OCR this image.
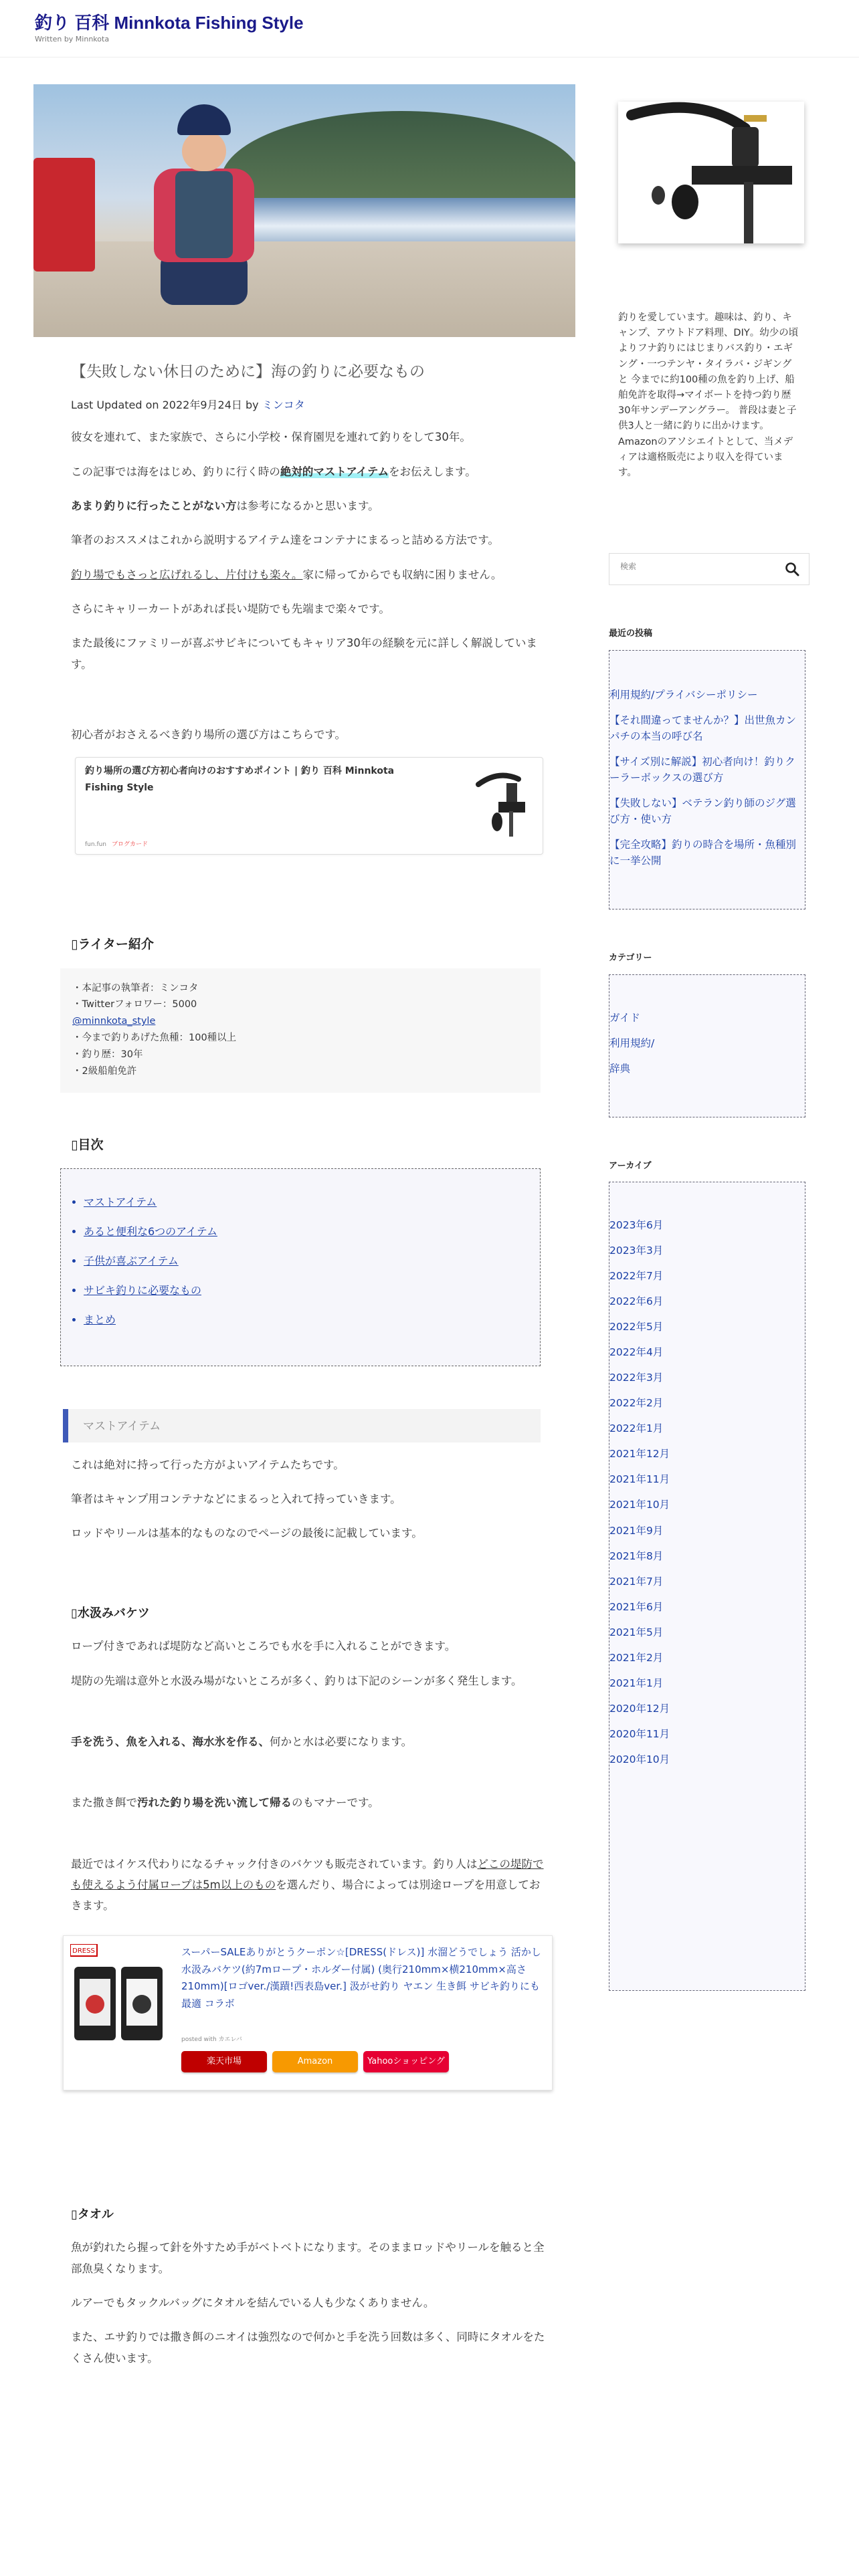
釣り 百科 Minnkota Fishing Style
Written by Minnkota
【失敗しない休日のために】海の釣りに必要なもの
Last Updated on 2022年9月24日 by ミンコタ

彼女を連れて、また家族で、さらに小学校・保育園児を連れて釣りをして30年。

この記事では海をはじめ、釣りに行く時の絶対的マストアイテムをお伝えします。

あまり釣りに行ったことがない方は参考になるかと思います。

筆者のおススメはこれから説明するアイテム達をコンテナにまるっと詰める方法です。

釣り場でもさっと広げれるし、片付けも楽々。家に帰ってからでも収納に困りません。

さらにキャリーカートがあれば長い堤防でも先端まで楽々です。

また最後にファミリーが喜ぶサビキについてもキャリア30年の経験を元に詳しく解説しています。

初心者がおさえるべき釣り場所の選び方はこちらです。

釣り場所の選び方初心者向けのおすすめポイント | 釣り 百科 Minnkota Fishing Style
fun.fun ブログカード
▯ライター紹介
・本記事の執筆者：ミンコタ
・Twitterフォロワー：5000
@minnkota_style
・今まで釣りあげた魚種：100種以上
・釣り歴：30年
・2級船舶免許
▯目次
• マストアイテム
• あると便利な6つのアイテム
• 子供が喜ぶアイテム
• サビキ釣りに必要なもの
• まとめ
マストアイテム

これは絶対に持って行った方がよいアイテムたちです。

筆者はキャンプ用コンテナなどにまるっと入れて持っていきます。

ロッドやリールは基本的なものなのでページの最後に記載しています。

▯水汲みバケツ

ロープ付きであれば堤防など高いところでも水を手に入れることができます。

堤防の先端は意外と水汲み場がないところが多く、釣りは下記のシーンが多く発生します。

手を洗う、魚を入れる、海水氷を作る、何かと水は必要になります。

また撒き餌で汚れた釣り場を洗い流して帰るのもマナーです。

最近ではイケス代わりになるチャック付きのバケツも販売されています。釣り人はどこの堤防でも使えるよう付属ロープは5m以上のものを選んだり、場合によっては別途ロープを用意しておきます。

DRESS	スーパーSALEありがとうクーポン☆[DRESS(ドレス)] 水溜どうでしょう 活かし水汲みバケツ(約7mロープ・ホルダー付属) (奥行210mm×横210mm×高さ210mm)[ロゴver./漢蹟!西表島ver.] 汲がせ釣り ヤエン 生き餌 サビキ釣りにも最適 コラボ
posted with カエレバ
楽天市場	Amazon	Yahooショッピング
▯タオル

魚が釣れたら握って針を外すため手がベトベトになります。そのままロッドやリールを触ると全部魚臭くなります。

ルアーでもタックルバッグにタオルを結んでいる人も少なくありません。

また、エサ釣りでは撒き餌のニオイは強烈なので何かと手を洗う回数は多く、同時にタオルをたくさん使います。

釣りを愛しています。趣味は、釣り、キャンプ、アウトドア料理、DIY。幼少の頃よりフナ釣りにはじまりバス釣り・エギング・一つテンヤ・タイラバ・ジギングと 今までに約100種の魚を釣り上げ、船舶免許を取得→マイボートを持つ釣り歴30年サンデーアングラー。 普段は妻と子供3人と一緒に釣りに出かけます。 Amazonのアソシエイトとして、当メディアは適格販売により収入を得ています。
検索
最近の投稿
利用規約/プライバシーポリシー
【それ間違ってませんか？】出世魚カンパチの本当の呼び名
【サイズ別に解説】初心者向け！釣りクーラーボックスの選び方
【失敗しない】ベテラン釣り師のジグ選び方・使い方
【完全攻略】釣りの時合を場所・魚種別に一挙公開
カテゴリー
ガイド
利用規約/
辞典
アーカイブ
2023年6月
2023年3月
2022年7月
2022年6月
2022年5月
2022年4月
2022年3月
2022年2月
2022年1月
2021年12月
2021年11月
2021年10月
2021年9月
2021年8月
2021年7月
2021年6月
2021年5月
2021年2月
2021年1月
2020年12月
2020年11月
2020年10月
